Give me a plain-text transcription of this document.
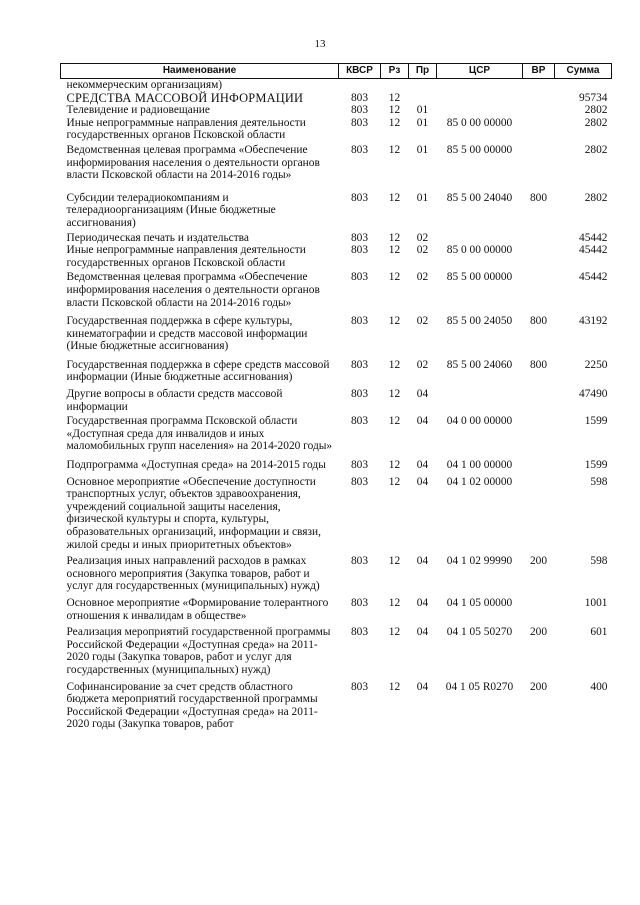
13
Наименование	КВСР	Рз	Пр	ЦСР	ВР	Сумма
некоммерческим организациям)						
СРЕДСТВА МАССОВОЙ ИНФОРМАЦИИ	803	12				95734
Телевидение и радиовещание	803	12	01			2802
Иные непрограммные направления деятельности государственных органов Псковской области	803	12	01	85 0 00 00000		2802
Ведомственная целевая программа «Обеспечение информирования населения о деятельности органов власти Псковской области на 2014-2016 годы»	803	12	01	85 5 00 00000		2802
Субсидии телерадиокомпаниям и телерадиоорганизациям (Иные бюджетные ассигнования)	803	12	01	85 5 00 24040	800	2802
Периодическая печать и издательства	803	12	02			45442
Иные непрограммные направления деятельности государственных органов Псковской области	803	12	02	85 0 00 00000		45442
Ведомственная целевая программа «Обеспечение информирования населения о деятельности органов власти Псковской области на 2014-2016 годы»	803	12	02	85 5 00 00000		45442
Государственная поддержка в сфере культуры, кинематографии и средств массовой информации (Иные бюджетные ассигнования)	803	12	02	85 5 00 24050	800	43192
Государственная поддержка в сфере средств массовой информации (Иные бюджетные ассигнования)	803	12	02	85 5 00 24060	800	2250
Другие вопросы в области средств массовой информации	803	12	04			47490
Государственная программа Псковской области «Доступная среда для инвалидов и иных маломобильных групп населения» на 2014-2020 годы»	803	12	04	04 0 00 00000		1599
Подпрограмма «Доступная среда» на 2014-2015 годы	803	12	04	04 1 00 00000		1599
Основное мероприятие «Обеспечение доступности транспортных услуг, объектов здравоохранения, учреждений социальной защиты населения, физической культуры и спорта, культуры, образовательных организаций, информации и связи, жилой среды и иных приоритетных объектов»	803	12	04	04 1 02 00000		598
Реализация иных направлений расходов в рамках основного мероприятия (Закупка товаров, работ и услуг для государственных (муниципальных) нужд)	803	12	04	04 1 02 99990	200	598
Основное мероприятие «Формирование толерантного отношения к инвалидам в обществе»	803	12	04	04 1 05 00000		1001
Реализация мероприятий государственной программы Российской Федерации «Доступная среда» на 2011-2020 годы (Закупка товаров, работ и услуг для государственных (муниципальных) нужд)	803	12	04	04 1 05 50270	200	601
Софинансирование за счет средств областного бюджета мероприятий государственной программы Российской Федерации «Доступная среда» на 2011-2020 годы (Закупка товаров, работ	803	12	04	04 1 05 R0270	200	400
